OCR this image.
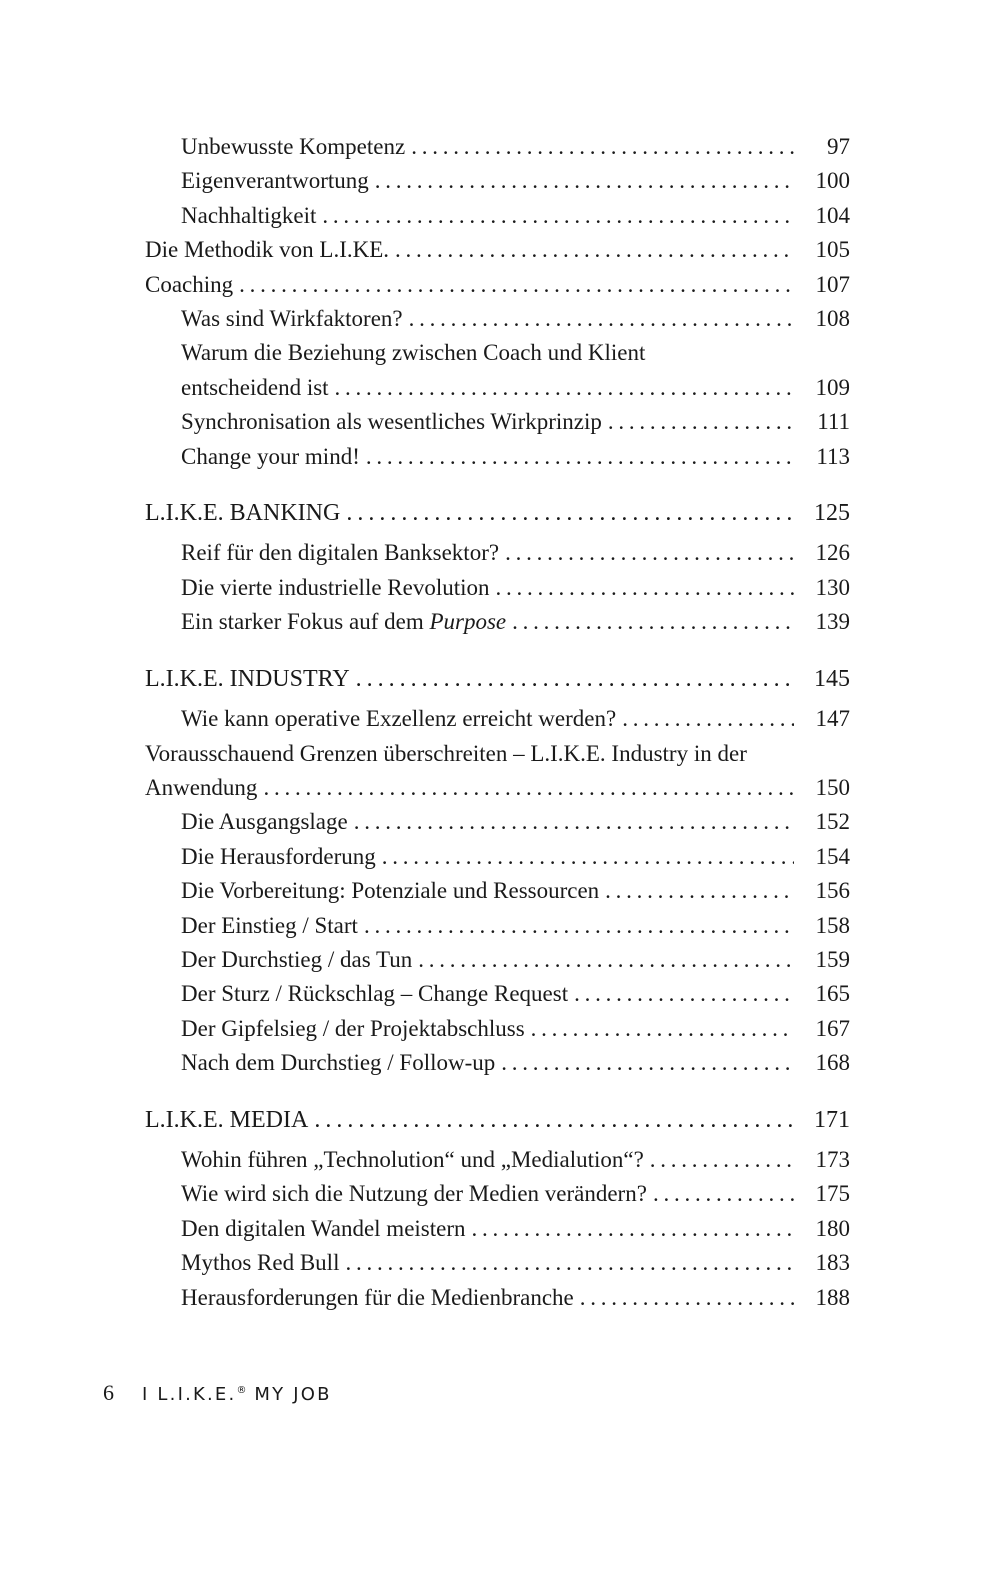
Unbewusste Kompetenz . . .	97
Eigenverantwortung . . .	100
Nachhaltigkeit . . .	104
Die Methodik von L.I.KE. . . .	105
Coaching . . .	107
Was sind Wirkfaktoren? . . .	108
Warum die Beziehung zwischen Coach und Klient
entscheidend ist . . .	109
Synchronisation als wesentliches Wirkprinzip . . .	111
Change your mind! . . .	113
L.I.K.E. BANKING . . .	125
Reif für den digitalen Banksektor? . . .	126
Die vierte industrielle Revolution . . .	130
Ein starker Fokus auf dem Purpose . . .	139
L.I.K.E. INDUSTRY . . .	145
Wie kann operative Exzellenz erreicht werden? . . .	147
Vorausschauend Grenzen überschreiten – L.I.K.E. Industry in der
Anwendung . . .	150
Die Ausgangslage . . .	152
Die Herausforderung . . .	154
Die Vorbereitung: Potenziale und Ressourcen . . .	156
Der Einstieg / Start . . .	158
Der Durchstieg / das Tun . . .	159
Der Sturz / Rückschlag – Change Request . . .	165
Der Gipfelsieg / der Projektabschluss . . .	167
Nach dem Durchstieg / Follow-up . . .	168
L.I.K.E. MEDIA . . .	171
Wohin führen „Technolution“ und „Medialution“? . . .	173
Wie wird sich die Nutzung der Medien verändern? . . .	175
Den digitalen Wandel meistern . . .	180
Mythos Red Bull . . .	183
Herausforderungen für die Medienbranche . . .	188
6 I L.I.K.E.® MY JOB
